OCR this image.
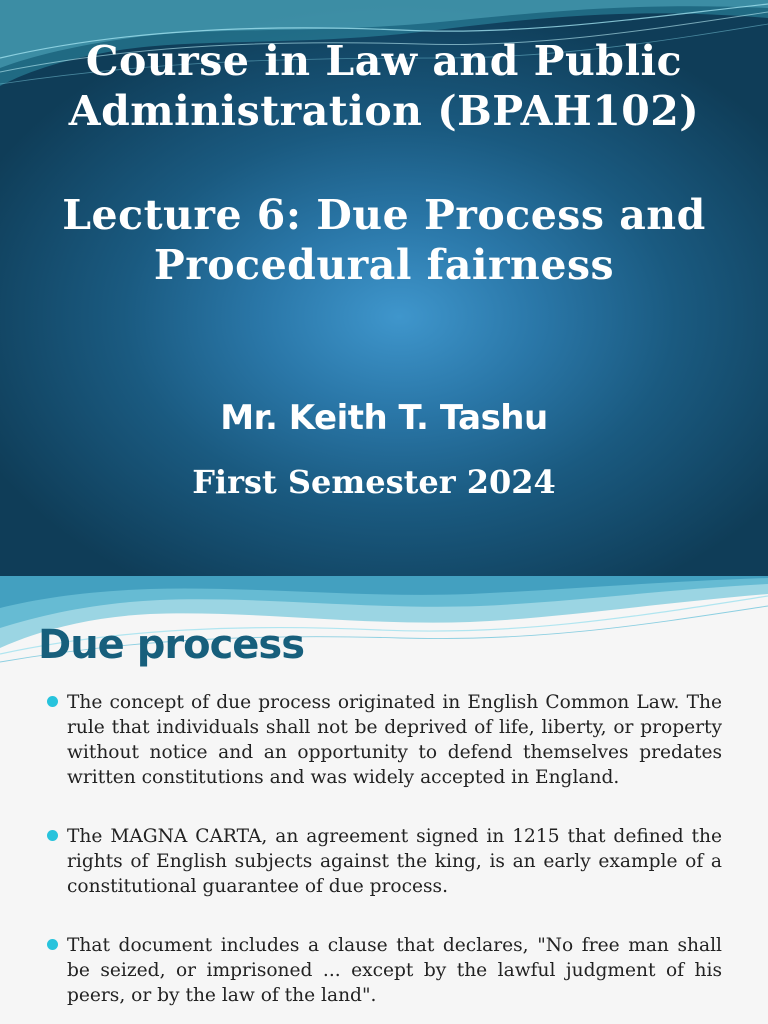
Course in Law and Public Administration (BPAH102)
Lecture 6: Due Process and Procedural fairness
Mr. Keith T. Tashu
First Semester 2024
Due process
The concept of due process originated in English Common Law. The rule that individuals shall not be deprived of life, liberty, or property without notice and an opportunity to defend themselves predates written constitutions and was widely accepted in England.
The MAGNA CARTA, an agreement signed in 1215 that defined the rights of English subjects against the king, is an early example of a constitutional guarantee of due process.
That document includes a clause that declares, "No free man shall be seized, or imprisoned ... except by the lawful judgment of his peers, or by the law of the land".
